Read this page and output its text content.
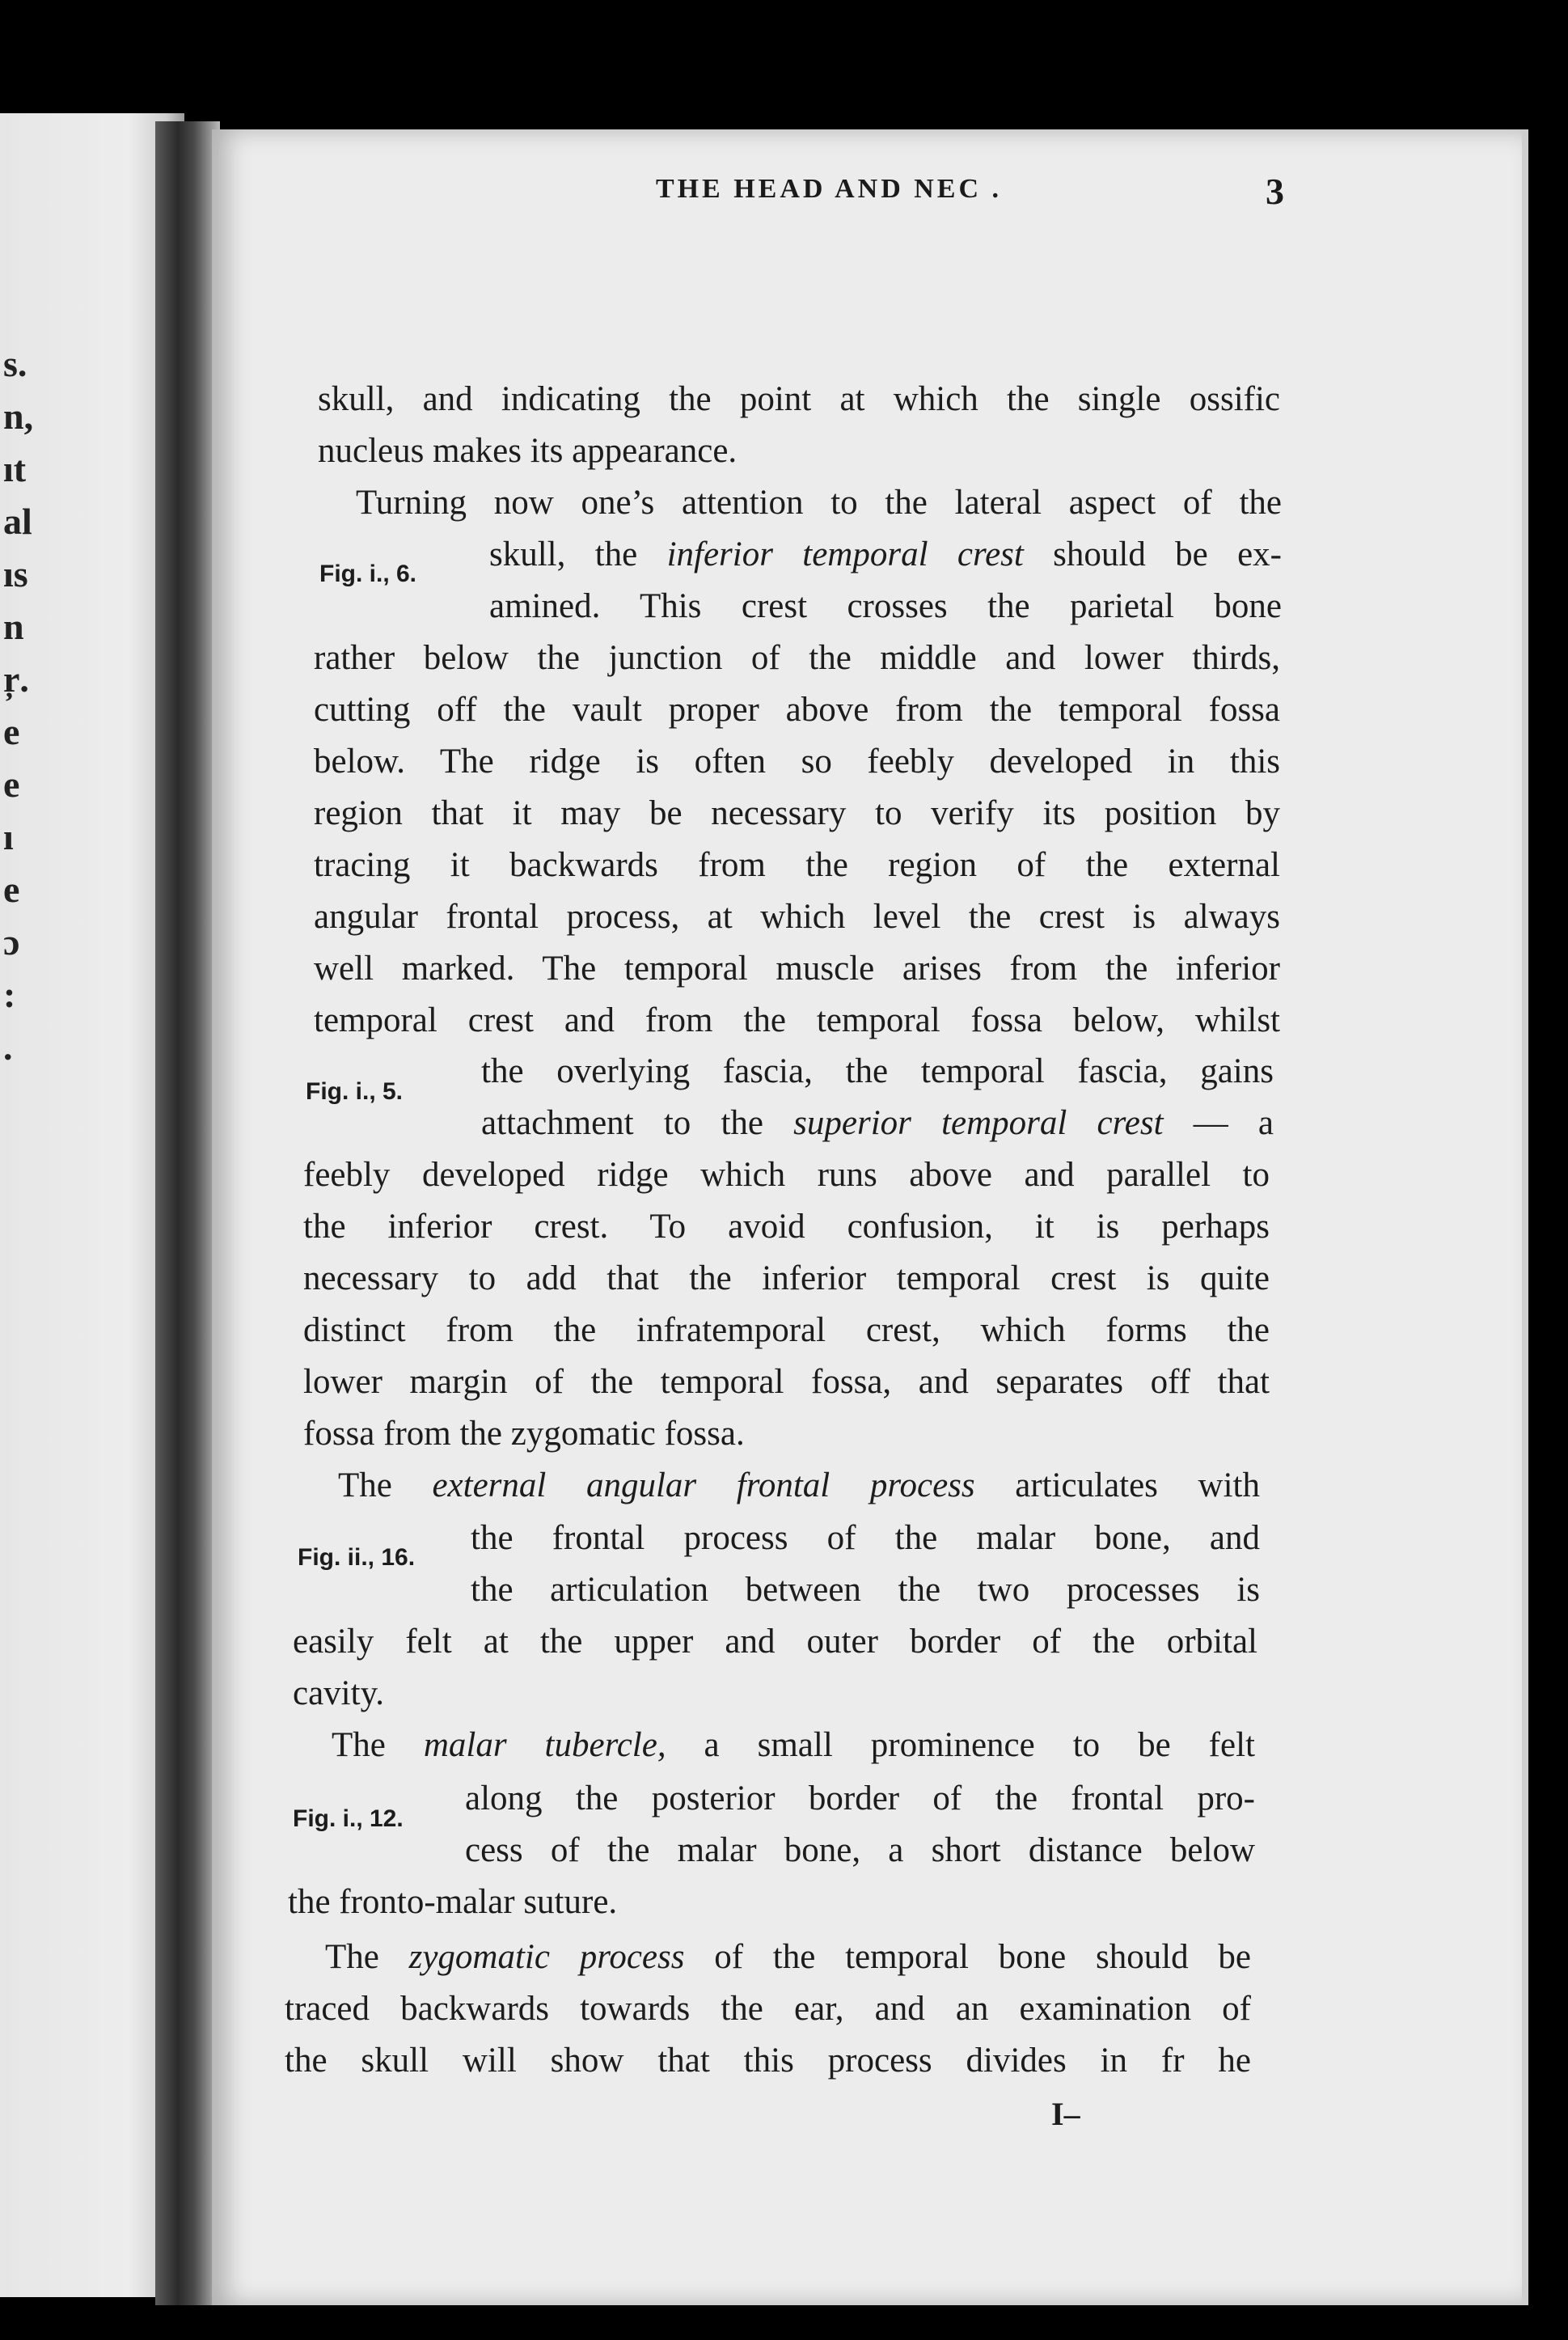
s.
n,
ıt
al
ıs
n
ŗ.
e
e
ı
e
ɔ
:
.
THE HEAD AND NEC .	3
skull, and indicating the point at which the single ossific
nucleus makes its appearance.
Turning now one’s attention to the lateral aspect of the
Fig. i., 6.
skull, the inferior temporal crest should be ex-
amined. This crest crosses the parietal bone
rather below the junction of the middle and lower thirds,
cutting off the vault proper above from the temporal fossa
below. The ridge is often so feebly developed in this
region that it may be necessary to verify its position by
tracing it backwards from the region of the external
angular frontal process, at which level the crest is always
well marked. The temporal muscle arises from the inferior
temporal crest and from the temporal fossa below, whilst
Fig. i., 5.
the overlying fascia, the temporal fascia, gains
attachment to the superior temporal crest — a
feebly developed ridge which runs above and parallel to
the inferior crest. To avoid confusion, it is perhaps
necessary to add that the inferior temporal crest is quite
distinct from the infratemporal crest, which forms the
lower margin of the temporal fossa, and separates off that
fossa from the zygomatic fossa.
The external angular frontal process articulates with
Fig. ii., 16.
the frontal process of the malar bone, and
the articulation between the two processes is
easily felt at the upper and outer border of the orbital
cavity.
The malar tubercle, a small prominence to be felt
Fig. i., 12.
along the posterior border of the frontal pro-
cess of the malar bone, a short distance below
the fronto-malar suture.
The zygomatic process of the temporal bone should be
traced backwards towards the ear, and an examination of
the skull will show that this process divides in fr he
I–
